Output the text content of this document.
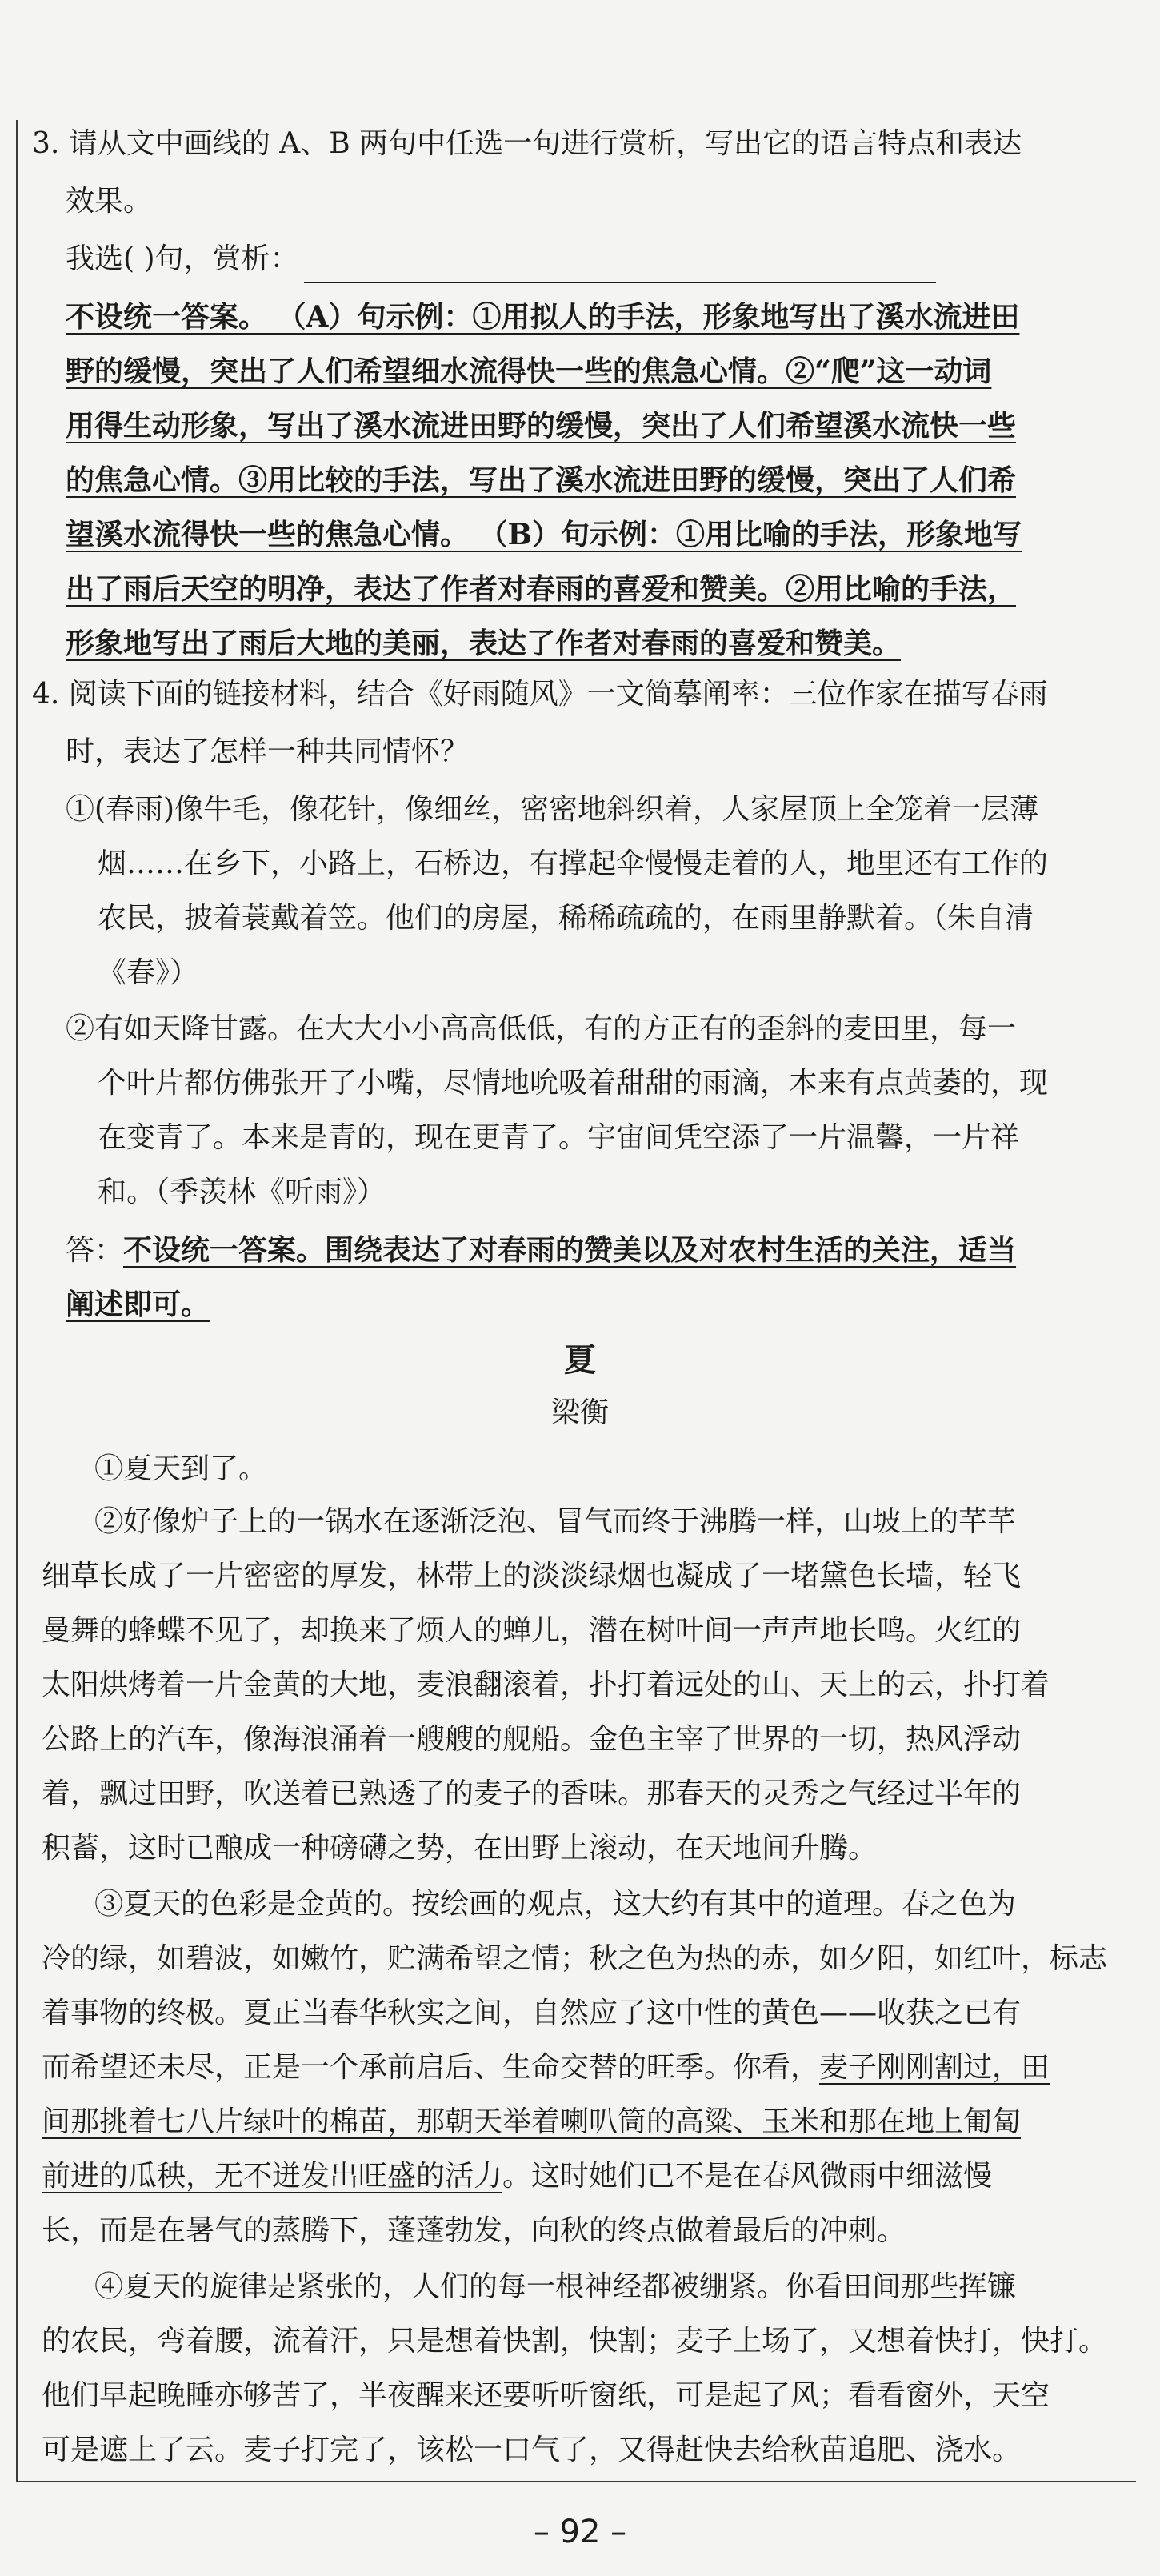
3. 请从文中画线的 A、B 两句中任选一句进行赏析，写出它的语言特点和表达
效果。
我选( )句，赏析：
不设统一答案。 （A）句示例：①用拟人的手法，形象地写出了溪水流进田
野的缓慢，突出了人们希望细水流得快一些的焦急心情。②“爬”这一动词
用得生动形象，写出了溪水流进田野的缓慢，突出了人们希望溪水流快一些
的焦急心情。③用比较的手法，写出了溪水流进田野的缓慢，突出了人们希
望溪水流得快一些的焦急心情。 （B）句示例：①用比喻的手法，形象地写
出了雨后天空的明净，表达了作者对春雨的喜爱和赞美。②用比喻的手法，
形象地写出了雨后大地的美丽，表达了作者对春雨的喜爱和赞美。
4. 阅读下面的链接材料，结合《好雨随风》一文简摹阐率：三位作家在描写春雨
时，表达了怎样一种共同情怀？
①(春雨)像牛毛，像花针，像细丝，密密地斜织着，人家屋顶上全笼着一层薄
烟……在乡下，小路上，石桥边，有撑起伞慢慢走着的人，地里还有工作的
农民，披着蓑戴着笠。他们的房屋，稀稀疏疏的，在雨里静默着。（朱自清
《春》）
②有如天降甘露。在大大小小高高低低，有的方正有的歪斜的麦田里，每一
个叶片都仿佛张开了小嘴，尽情地吮吸着甜甜的雨滴，本来有点黄萎的，现
在变青了。本来是青的，现在更青了。宇宙间凭空添了一片温馨，一片祥
和。（季羡林《听雨》）
答：不设统一答案。围绕表达了对春雨的赞美以及对农村生活的关注，适当
阐述即可。
夏
梁衡
①夏天到了。
②好像炉子上的一锅水在逐渐泛泡、冒气而终于沸腾一样，山坡上的芊芊
细草长成了一片密密的厚发，林带上的淡淡绿烟也凝成了一堵黛色长墙，轻飞
曼舞的蜂蝶不见了，却换来了烦人的蝉儿，潜在树叶间一声声地长鸣。火红的
太阳烘烤着一片金黄的大地，麦浪翻滚着，扑打着远处的山、天上的云，扑打着
公路上的汽车，像海浪涌着一艘艘的舰船。金色主宰了世界的一切，热风浮动
着，飘过田野，吹送着已熟透了的麦子的香味。那春天的灵秀之气经过半年的
积蓄，这时已酿成一种磅礴之势，在田野上滚动，在天地间升腾。
③夏天的色彩是金黄的。按绘画的观点，这大约有其中的道理。春之色为
冷的绿，如碧波，如嫩竹，贮满希望之情；秋之色为热的赤，如夕阳，如红叶，标志
着事物的终极。夏正当春华秋实之间，自然应了这中性的黄色——收获之已有
而希望还未尽，正是一个承前启后、生命交替的旺季。你看，麦子刚刚割过，田
间那挑着七八片绿叶的棉苗，那朝天举着喇叭筒的高粱、玉米和那在地上匍匐
前进的瓜秧，无不迸发出旺盛的活力。这时她们已不是在春风微雨中细滋慢
长，而是在暑气的蒸腾下，蓬蓬勃发，向秋的终点做着最后的冲刺。
④夏天的旋律是紧张的，人们的每一根神经都被绷紧。你看田间那些挥镰
的农民，弯着腰，流着汗，只是想着快割，快割；麦子上场了，又想着快打，快打。
他们早起晚睡亦够苦了，半夜醒来还要听听窗纸，可是起了风；看看窗外，天空
可是遮上了云。麦子打完了，该松一口气了，又得赶快去给秋苗追肥、浇水。
– 92 –
